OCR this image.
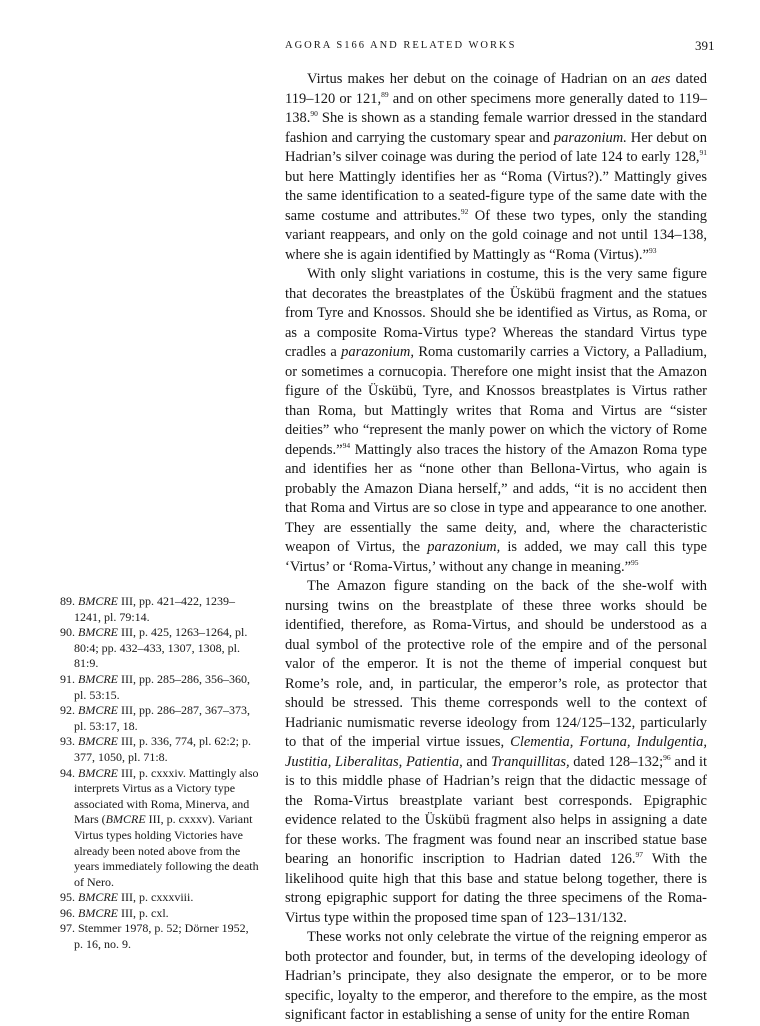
AGORA S166 AND RELATED WORKS	391

89. BMCRE III, pp. 421–422, 1239–1241, pl. 79:14.

90. BMCRE III, p. 425, 1263–1264, pl. 80:4; pp. 432–433, 1307, 1308, pl. 81:9.

91. BMCRE III, pp. 285–286, 356–360, pl. 53:15.

92. BMCRE III, pp. 286–287, 367–373, pl. 53:17, 18.

93. BMCRE III, p. 336, 774, pl. 62:2; p. 377, 1050, pl. 71:8.

94. BMCRE III, p. cxxxiv. Mattingly also interprets Virtus as a Victory type associated with Roma, Minerva, and Mars (BMCRE III, p. cxxxv). Variant Virtus types holding Victories have already been noted above from the years immediately following the death of Nero.

95. BMCRE III, p. cxxxviii.

96. BMCRE III, p. cxl.

97. Stemmer 1978, p. 52; Dörner 1952, p. 16, no. 9.

Virtus makes her debut on the coinage of Hadrian on an aes dated 119–120 or 121,89 and on other specimens more generally dated to 119–138.90 She is shown as a standing female warrior dressed in the standard fashion and carrying the customary spear and parazonium. Her debut on Hadrian’s silver coinage was during the period of late 124 to early 128,91 but here Mattingly identifies her as “Roma (Virtus?).” Mattingly gives the same identification to a seated-figure type of the same date with the same costume and attributes.$^{92}$ Of these two types, only the standing variant reappears, and only on the gold coinage and not until 134–138, where she is again identified by Mattingly as “Roma (Virtus).”$^{93}$

With only slight variations in costume, this is the very same figure that decorates the breastplates of the Üskübü fragment and the statues from Tyre and Knossos. Should she be identified as Virtus, as Roma, or as a composite Roma-Virtus type? Whereas the standard Virtus type cradles a parazonium, Roma customarily carries a Victory, a Palladium, or sometimes a cornucopia. Therefore one might insist that the Amazon figure of the Üskübü, Tyre, and Knossos breastplates is Virtus rather than Roma, but Mattingly writes that Roma and Virtus are “sister deities” who “represent the manly power on which the victory of Rome depends.”$^{94}$ Mattingly also traces the history of the Amazon Roma type and identifies her as “none other than Bellona-Virtus, who again is probably the Amazon Diana herself,” and adds, “it is no accident then that Roma and Virtus are so close in type and appearance to one another. They are essentially the same deity, and, where the characteristic weapon of Virtus, the parazonium, is added, we may call this type ‘Virtus’ or ‘Roma-Virtus,’ without any change in meaning.”$^{95}$

The Amazon figure standing on the back of the she-wolf with nursing twins on the breastplate of these three works should be identified, therefore, as Roma-Virtus, and should be understood as a dual symbol of the protective role of the empire and of the personal valor of the emperor. It is not the theme of imperial conquest but Rome’s role, and, in particular, the emperor’s role, as protector that should be stressed. This theme corresponds well to the context of Hadrianic numismatic reverse ideology from 124/125–132, particularly to that of the imperial virtue issues, Clementia, Fortuna, Indulgentia, Justitia, Liberalitas, Patientia, and Tranquillitas, dated 128–132;$^{96}$ and it is to this middle phase of Hadrian’s reign that the didactic message of the Roma-Virtus breastplate variant best corresponds. Epigraphic evidence related to the Üskübü fragment also helps in assigning a date for these works. The fragment was found near an inscribed statue base bearing an honorific inscription to Hadrian dated 126.97 With the likelihood quite high that this base and statue belong together, there is strong epigraphic support for dating the three specimens of the Roma-Virtus type within the proposed time span of 123–131/132.

These works not only celebrate the virtue of the reigning emperor as both protector and founder, but, in terms of the developing ideology of Hadrian’s principate, they also designate the emperor, or to be more specific, loyalty to the emperor, and therefore to the empire, as the most significant factor in establishing a sense of unity for the entire Roman
